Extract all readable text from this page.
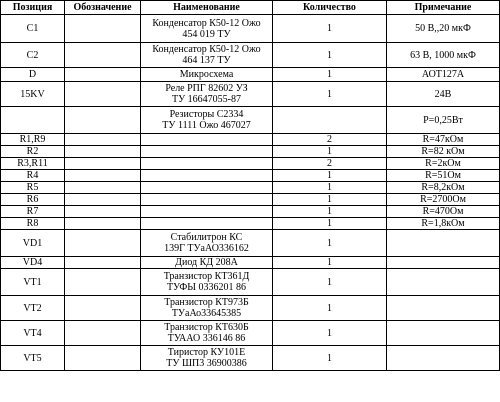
Позиция	Обозначение	Наименование	Количество	Примечание
C1		Конденсатор К50-12 Ожо
454 019 ТУ	1	50 В,,20 мкФ
C2		Конденсатор К50-12 Ожо
464 137 ТУ	1	63 В, 1000 мкФ
D		Микросхема	1	АОТ127А
15KV		Реле РПГ 82602 УЗ
ТУ 16647055-87	1	24В
		Резисторы С2334
ТУ 1111 Ожо 467027		P=0,25Вт
R1,R9			2	R=47кОм
R2			1	R=82 кОм
R3,R11			2	R=2кОм
R4			1	R=51Ом
R5			1	R=8,2кОм
R6			1	R=2700Ом
R7			1	R=470Ом
R8			1	R=1,8кОм
VD1		Стабилитрон КС
139Г ТУаАО336162	1	
VD4		Диод КД 208А	1	
VT1		Транзистор КТ361Д
ТУФЫ 0336201 86	1	
VT2		Транзистор КТ973Б
ТУаАо33645385	1	
VT4		Транзистор КТ630Б
ТУААО 336146 86	1	
VT5		Тиристор КУ101Е
ТУ ШП3 36900386	1	
